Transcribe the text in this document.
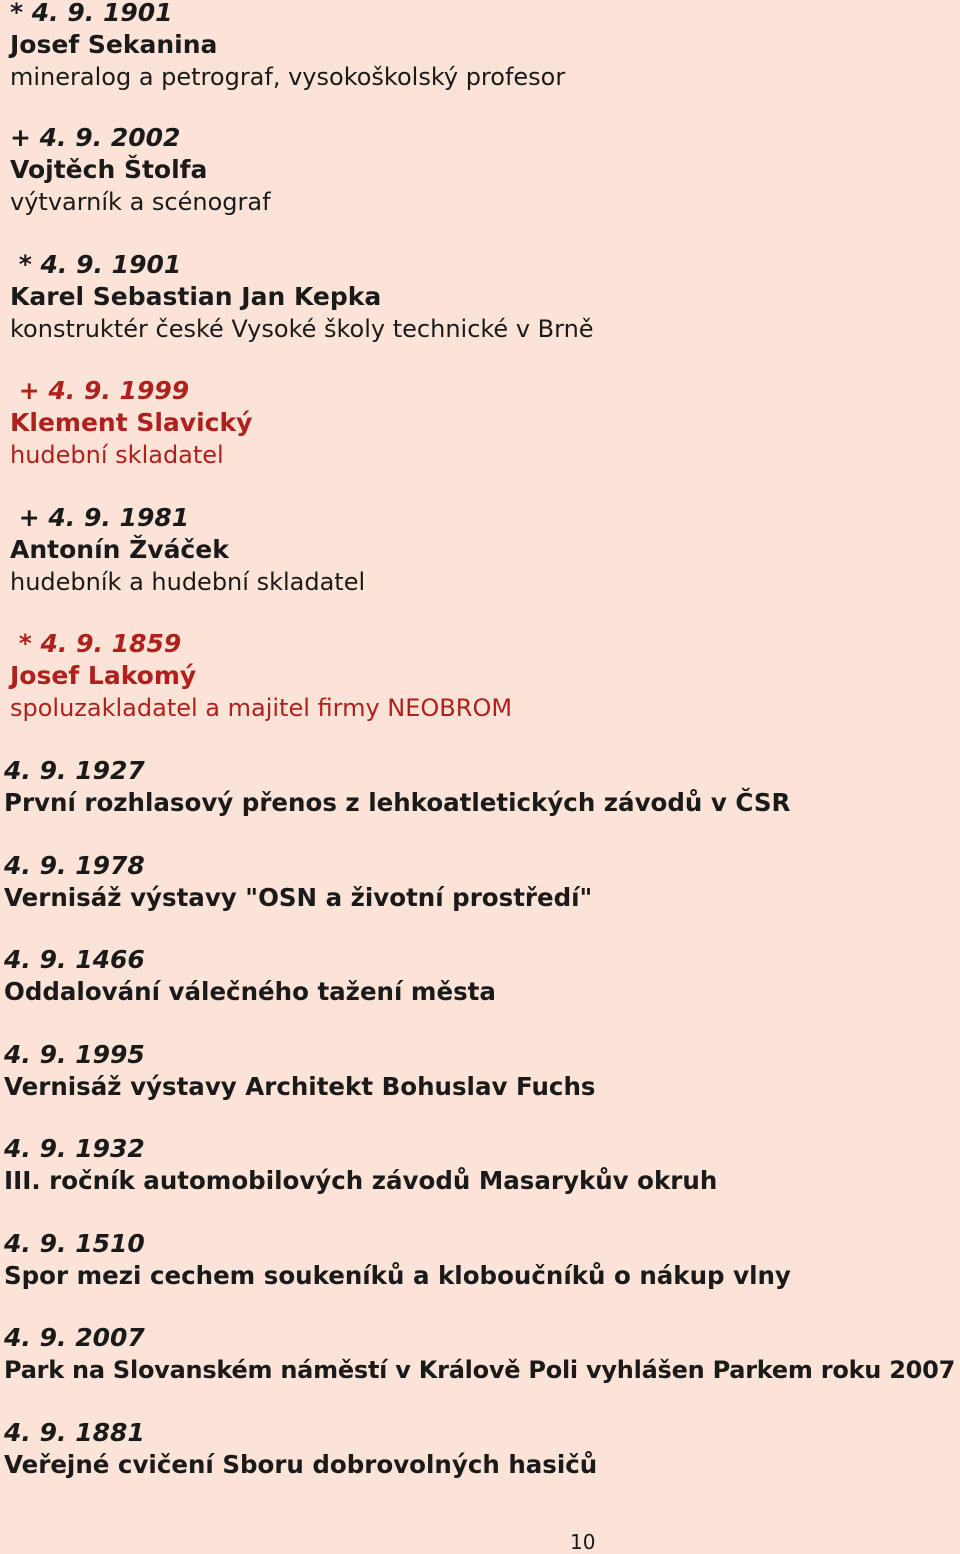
* 4. 9. 1901
Josef Sekanina
mineralog a petrograf, vysokoškolský profesor
+ 4. 9. 2002
Vojtěch Štolfa
výtvarník a scénograf
* 4. 9. 1901
Karel Sebastian Jan Kepka
konstruktér české Vysoké školy technické v Brně
+ 4. 9. 1999
Klement Slavický
hudební skladatel
+ 4. 9. 1981
Antonín Žváček
hudebník a hudební skladatel
* 4. 9. 1859
Josef Lakomý
spoluzakladatel a majitel firmy NEOBROM
4. 9. 1927
První rozhlasový přenos z lehkoatletických závodů v ČSR
4. 9. 1978
Vernisáž výstavy "OSN a životní prostředí"
4. 9. 1466
Oddalování válečného tažení města
4. 9. 1995
Vernisáž výstavy Architekt Bohuslav Fuchs
4. 9. 1932
III. ročník automobilových závodů Masarykův okruh
4. 9. 1510
Spor mezi cechem soukeníků a kloboučníků o nákup vlny
4. 9. 2007
Park na Slovanském náměstí v Králově Poli vyhlášen Parkem roku 2007
4. 9. 1881
Veřejné cvičení Sboru dobrovolných hasičů
10
